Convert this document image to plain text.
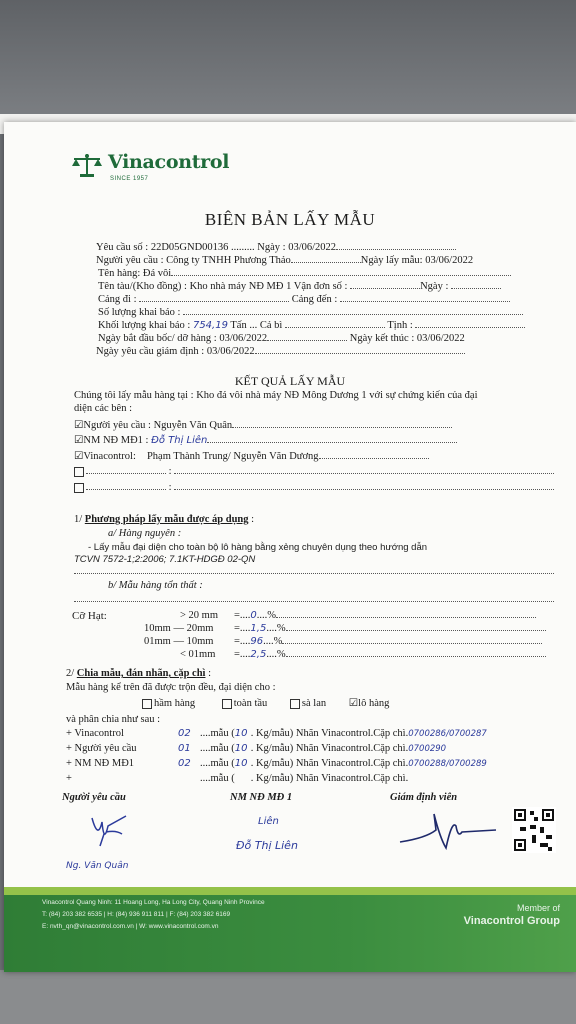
Vinacontrol
SINCE 1957
BIÊN BẢN LẤY MẪU
Yêu cầu số : 22D05GND00136 ......... Ngày : 03/06/2022
Người yêu cầu : Công ty TNHH Phương Thảo	Ngày lấy mẫu: 03/06/2022
Tên hàng: Đá vôi
Tên tàu/(Kho đồng) : Kho nhà máy NĐ MĐ 1 Vận đơn số :	Ngày :
Cảng đi :	Cảng đến :
Số lượng khai báo :
Khối lượng khai báo : 754,19 Tấn ... Cả bì	Tịnh :
Ngày bắt đầu bốc/ dỡ hàng : 03/06/2022	Ngày kết thúc : 03/06/2022
Ngày yêu cầu giám định : 03/06/2022
KẾT QUẢ LẤY MẪU
Chúng tôi lấy mẫu hàng tại : Kho đá vôi nhà máy NĐ Mông Dương 1 với sự chứng kiến của đại
diện các bên :
☑Người yêu cầu : Nguyễn Văn Quân
☑NM NĐ MĐ1 : Đỗ Thị Liên
☑Vinacontrol: Phạm Thành Trung/ Nguyễn Văn Dương
:
:
1/ Phương pháp lấy mẫu được áp dụng :
a/ Hàng nguyên :
- Lấy mẫu đại diện cho toàn bộ lô hàng bằng xẻng chuyên dụng theo hướng dẫn
TCVN 7572-1;2:2006; 7.1KT-HDGĐ 02-QN
b/ Mẫu hàng tổn thất :
Cỡ Hạt:
2/ Chia mẫu, đán nhãn, cặp chì :
Mẫu hàng kể trên đã được trộn đều, đại diện cho :
hầm hàng	toàn tầu	sà lan ☑lô hàng
và phân chia như sau :
Người yêu cầu	NM NĐ MĐ 1	Giám định viên
Ng. Văn Quân
Liên
Đỗ Thị Liên
Vinacontrol Quang Ninh: 11 Hoang Long, Ha Long City, Quang Ninh Province
T: (84) 203 382 6535 | H: (84) 936 911 811 | F: (84) 203 382 6169
E: nvth_qn@vinacontrol.com.vn | W: www.vinacontrol.com.vn
Member of
Vinacontrol Group
> 20 mm =....0....%
10mm — 20mm =....1,5....%
01mm — 10mm =....96....%
< 01mm =....2,5....%
+ Vinacontrol	02 ....mẫu (10 . Kg/mẫu) Nhãn Vinacontrol.Cặp chì.0700286/0700287
+ Người yêu cầu	01 ....mẫu (10 . Kg/mẫu) Nhãn Vinacontrol.Cặp chì.0700290
+ NM NĐ MĐ1	02 ....mẫu (10 . Kg/mẫu) Nhãn Vinacontrol.Cặp chì.0700288/0700289
+	....mẫu ( . Kg/mẫu) Nhãn Vinacontrol.Cặp chì.
